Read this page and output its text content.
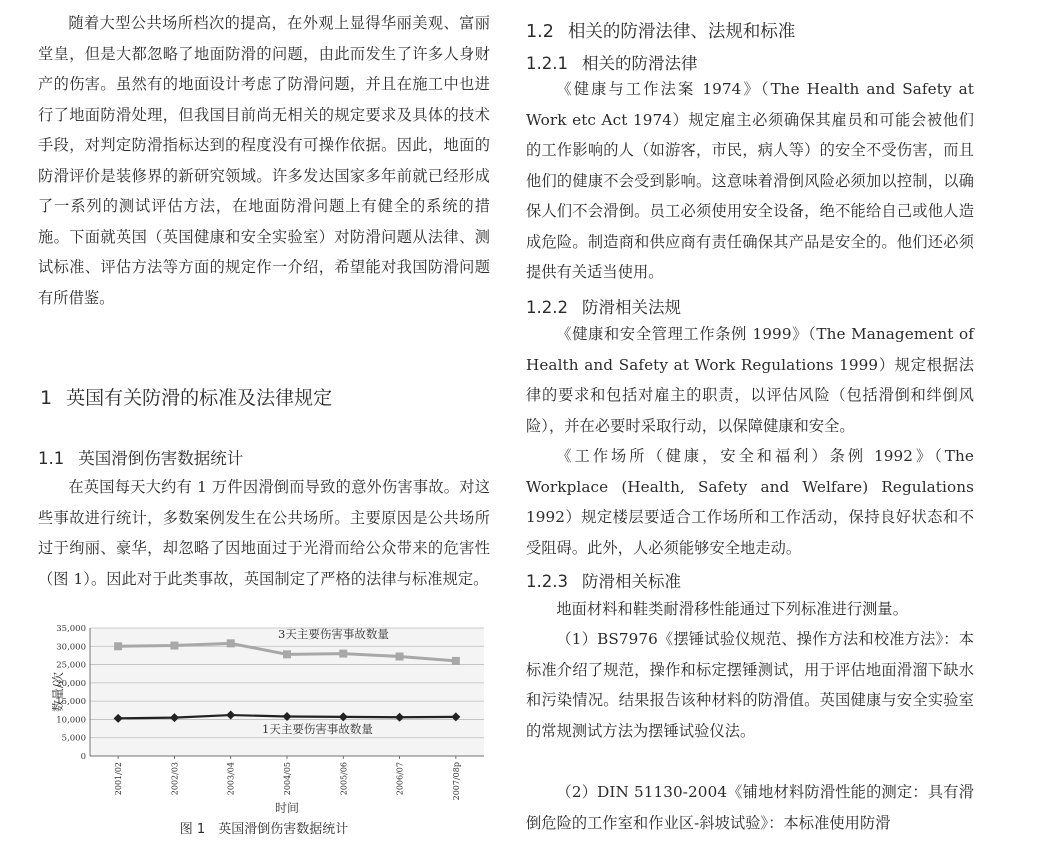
随着大型公共场所档次的提高，在外观上显得华丽美观、富丽堂皇，但是大都忽略了地面防滑的问题，由此而发生了许多人身财产的伤害。虽然有的地面设计考虑了防滑问题，并且在施工中也进行了地面防滑处理，但我国目前尚无相关的规定要求及具体的技术手段，对判定防滑指标达到的程度没有可操作依据。因此，地面的防滑评价是装修界的新研究领域。许多发达国家多年前就已经形成了一系列的测试评估方法，在地面防滑问题上有健全的系统的措施。下面就英国（英国健康和安全实验室）对防滑问题从法律、测试标准、评估方法等方面的规定作一介绍，希望能对我国防滑问题有所借鉴。

1 英国有关防滑的标准及法律规定
1.1 英国滑倒伤害数据统计

在英国每天大约有 1 万件因滑倒而导致的意外伤害事故。对这些事故进行统计，多数案例发生在公共场所。主要原因是公共场所过于绚丽、豪华，却忽略了因地面过于光滑而给公众带来的危害性（图 1）。因此对于此类事故，英国制定了严格的法律与标准规定。

0
5,000
10,000
15,000
20,000
25,000
30,000
35,000
2001/02	2002/03	2003/04	2004/05	2005/06	2006/07	2007/08p
3天主要伤害事故数量
1天主要伤害事故数量
数量/次
时间
图 1　英国滑倒伤害数据统计
1.2 相关的防滑法律、法规和标准
1.2.1 相关的防滑法律

《健康与工作法案 1974》（The Health and Safety at Work etc Act 1974）规定雇主必须确保其雇员和可能会被他们的工作影响的人（如游客，市民，病人等）的安全不受伤害，而且他们的健康不会受到影响。这意味着滑倒风险必须加以控制，以确保人们不会滑倒。员工必须使用安全设备，绝不能给自己或他人造成危险。制造商和供应商有责任确保其产品是安全的。他们还必须提供有关适当使用。

1.2.2 防滑相关法规

《健康和安全管理工作条例 1999》（The Management of Health and Safety at Work Regulations 1999）规定根据法律的要求和包括对雇主的职责，以评估风险（包括滑倒和绊倒风险），并在必要时采取行动，以保障健康和安全。

《工作场所（健康，安全和福利）条例 1992》（The Workplace (Health, Safety and Welfare) Regulations 1992）规定楼层要适合工作场所和工作活动，保持良好状态和不受阻碍。此外，人必须能够安全地走动。

1.2.3 防滑相关标准

地面材料和鞋类耐滑移性能通过下列标准进行测量。

（1）BS7976《摆锤试验仪规范、操作方法和校准方法》：本标准介绍了规范，操作和标定摆锤测试，用于评估地面滑溜下缺水和污染情况。结果报告该种材料的防滑值。英国健康与安全实验室的常规测试方法为摆锤试验仪法。

（2）DIN 51130-2004《铺地材料防滑性能的测定：具有滑倒危险的工作室和作业区-斜坡试验》：本标准使用防滑
